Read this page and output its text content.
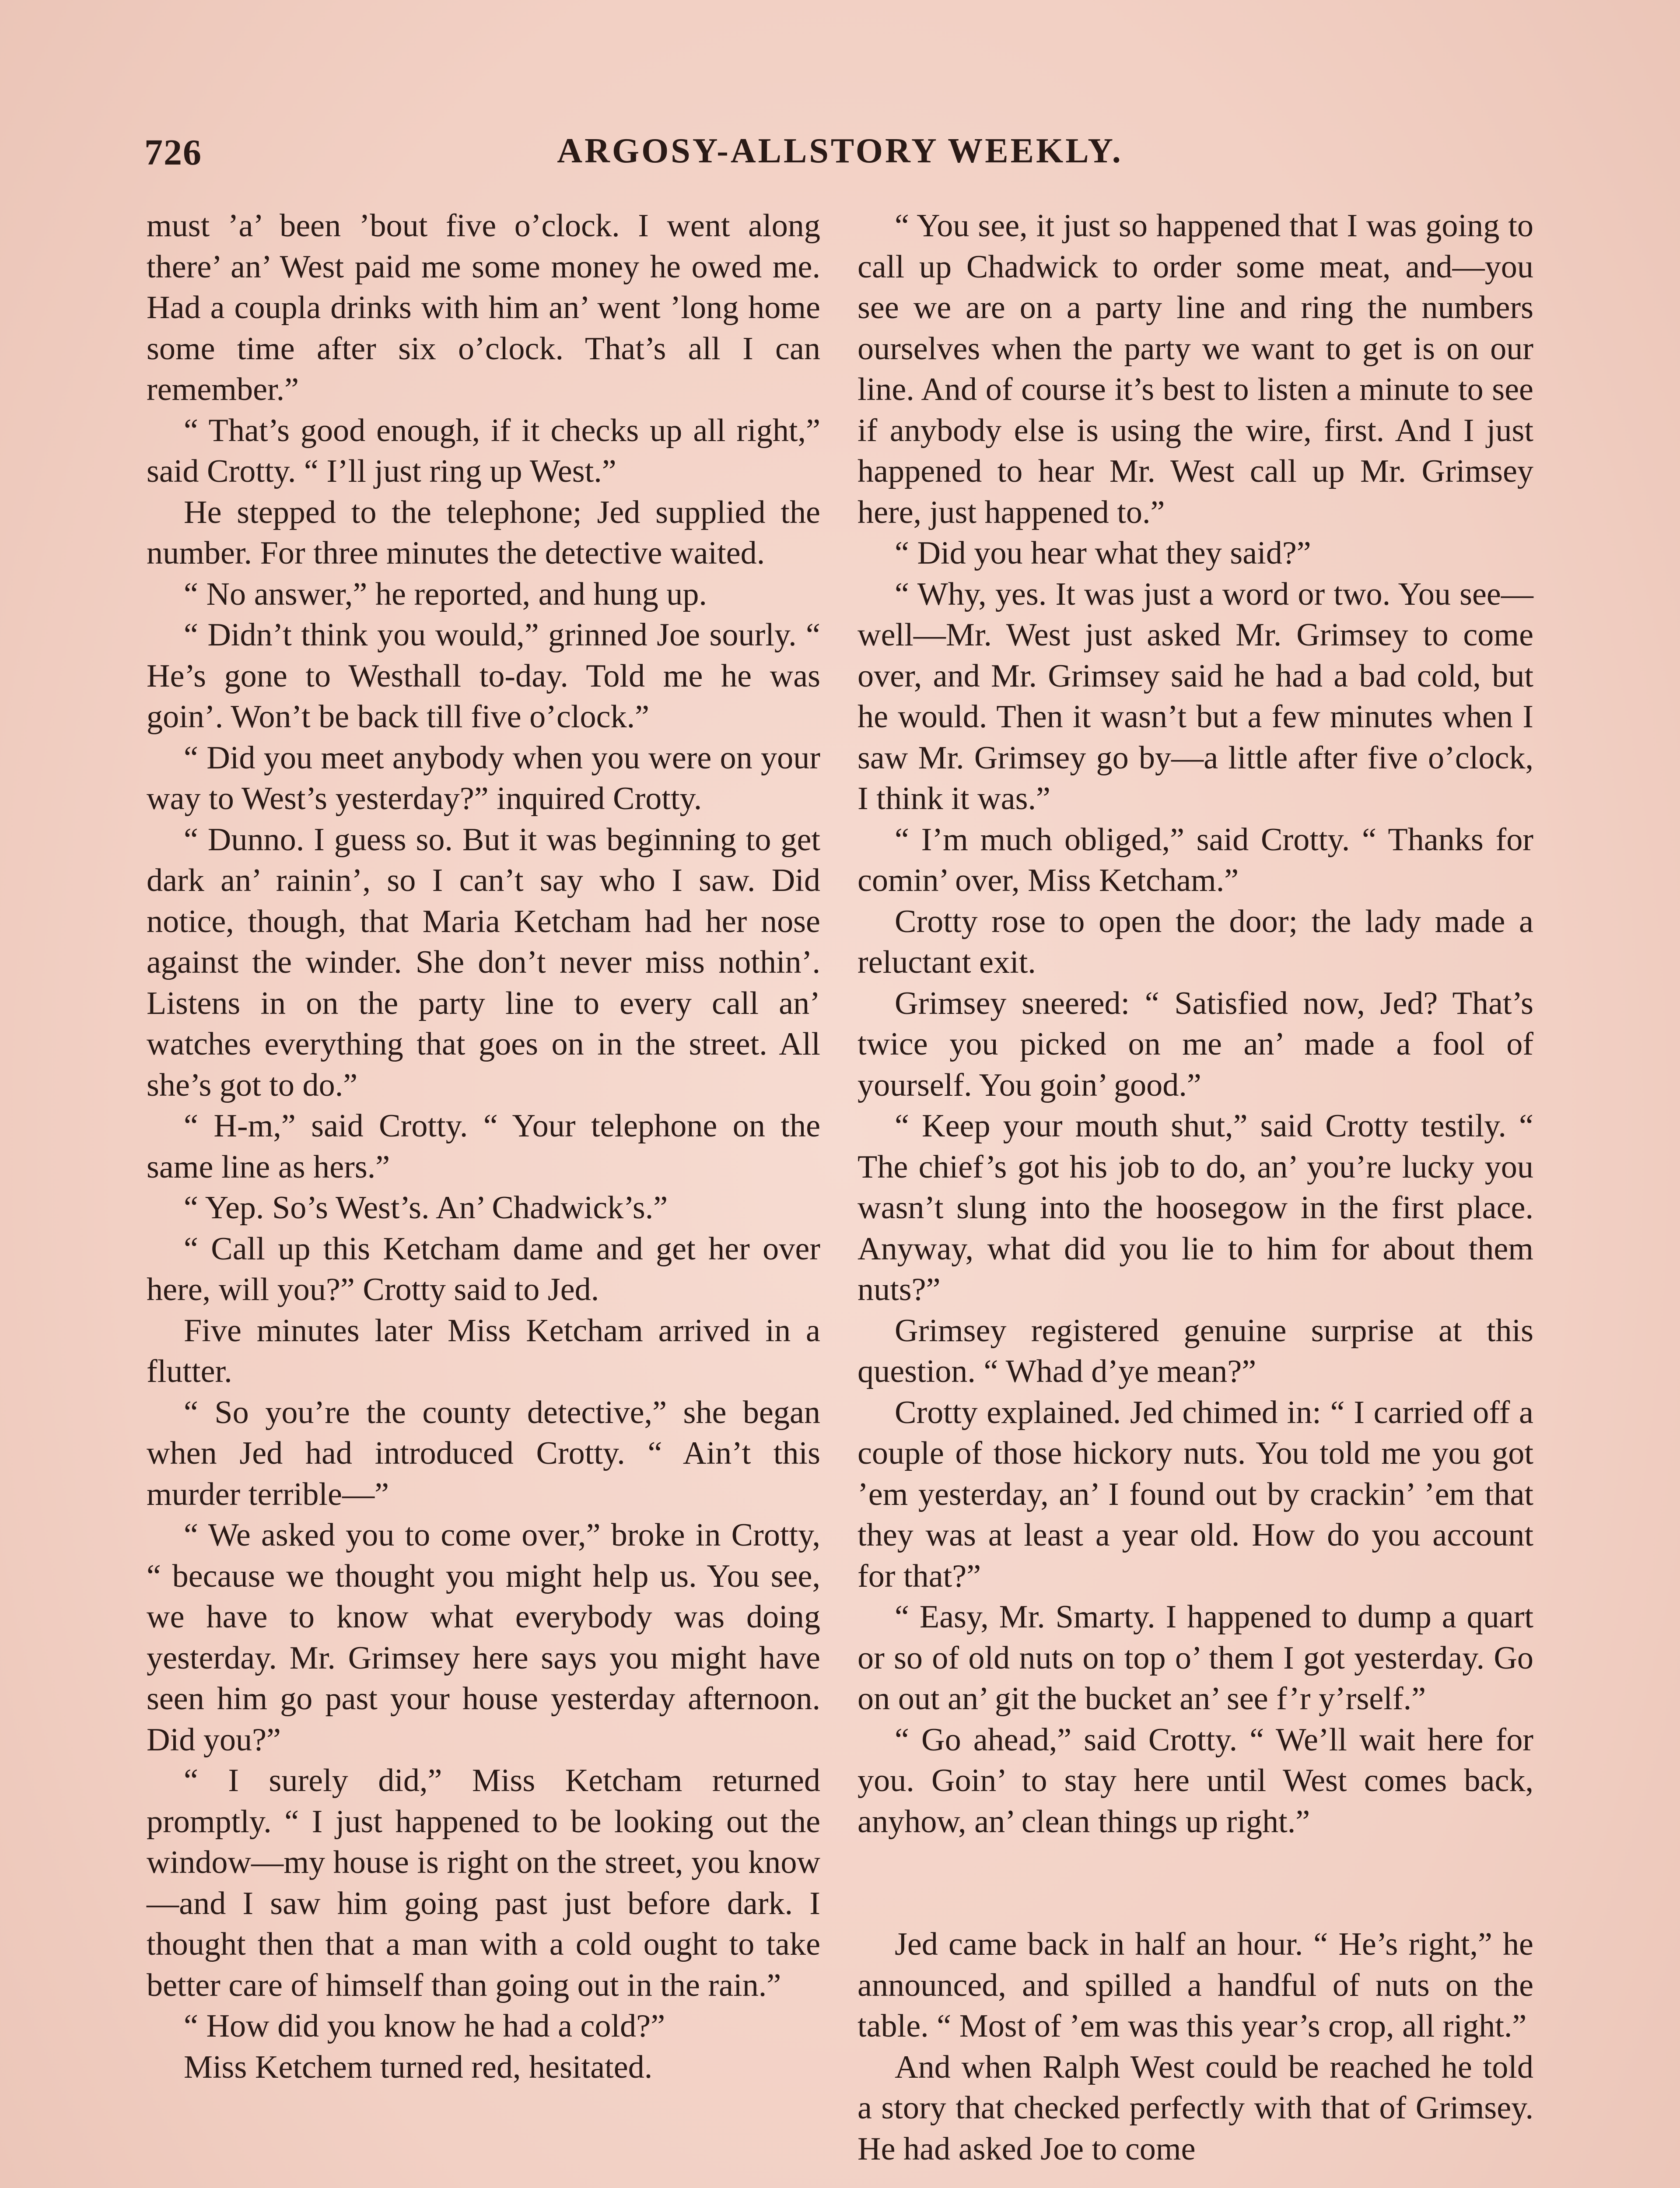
726	ARGOSY-ALLSTORY WEEKLY.

must ’a’ been ’bout five o’clock. I went along there’ an’ West paid me some money he owed me. Had a coupla drinks with him an’ went ’long home some time after six o’clock. That’s all I can remember.”

“ That’s good enough, if it checks up all right,” said Crotty. “ I’ll just ring up West.”

He stepped to the telephone; Jed supplied the number. For three minutes the detective waited.

“ No answer,” he reported, and hung up.

“ Didn’t think you would,” grinned Joe sourly. “ He’s gone to Westhall to-day. Told me he was goin’. Won’t be back till five o’clock.”

“ Did you meet anybody when you were on your way to West’s yesterday?” inquired Crotty.

“ Dunno. I guess so. But it was beginning to get dark an’ rainin’, so I can’t say who I saw. Did notice, though, that Maria Ketcham had her nose against the winder. She don’t never miss nothin’. Listens in on the party line to every call an’ watches everything that goes on in the street. All she’s got to do.”

“ H-m,” said Crotty. “ Your telephone on the same line as hers.”

“ Yep. So’s West’s. An’ Chadwick’s.”

“ Call up this Ketcham dame and get her over here, will you?” Crotty said to Jed.

Five minutes later Miss Ketcham arrived in a flutter.

“ So you’re the county detective,” she began when Jed had introduced Crotty. “ Ain’t this murder terrible—”

“ We asked you to come over,” broke in Crotty, “ because we thought you might help us. You see, we have to know what everybody was doing yesterday. Mr. Grimsey here says you might have seen him go past your house yesterday afternoon. Did you?”

“ I surely did,” Miss Ketcham returned promptly. “ I just happened to be looking out the window—my house is right on the street, you know—and I saw him going past just before dark. I thought then that a man with a cold ought to take better care of himself than going out in the rain.”

“ How did you know he had a cold?”

Miss Ketchem turned red, hesitated.

“ You see, it just so happened that I was going to call up Chadwick to order some meat, and—you see we are on a party line and ring the numbers ourselves when the party we want to get is on our line. And of course it’s best to listen a minute to see if anybody else is using the wire, first. And I just happened to hear Mr. West call up Mr. Grimsey here, just happened to.”

“ Did you hear what they said?”

“ Why, yes. It was just a word or two. You see—well—Mr. West just asked Mr. Grimsey to come over, and Mr. Grimsey said he had a bad cold, but he would. Then it wasn’t but a few minutes when I saw Mr. Grimsey go by—a little after five o’clock, I think it was.”

“ I’m much obliged,” said Crotty. “ Thanks for comin’ over, Miss Ketcham.”

Crotty rose to open the door; the lady made a reluctant exit.

Grimsey sneered: “ Satisfied now, Jed? That’s twice you picked on me an’ made a fool of yourself. You goin’ good.”

“ Keep your mouth shut,” said Crotty testily. “ The chief’s got his job to do, an’ you’re lucky you wasn’t slung into the hoosegow in the first place. Anyway, what did you lie to him for about them nuts?”

Grimsey registered genuine surprise at this question. “ Whad d’ye mean?”

Crotty explained. Jed chimed in: “ I carried off a couple of those hickory nuts. You told me you got ’em yesterday, an’ I found out by crackin’ ’em that they was at least a year old. How do you account for that?”

“ Easy, Mr. Smarty. I happened to dump a quart or so of old nuts on top o’ them I got yesterday. Go on out an’ git the bucket an’ see f’r y’rself.”

“ Go ahead,” said Crotty. “ We’ll wait here for you. Goin’ to stay here until West comes back, anyhow, an’ clean things up right.”

Jed came back in half an hour. “ He’s right,” he announced, and spilled a handful of nuts on the table. “ Most of ’em was this year’s crop, all right.”

And when Ralph West could be reached he told a story that checked perfectly with that of Grimsey. He had asked Joe to come
